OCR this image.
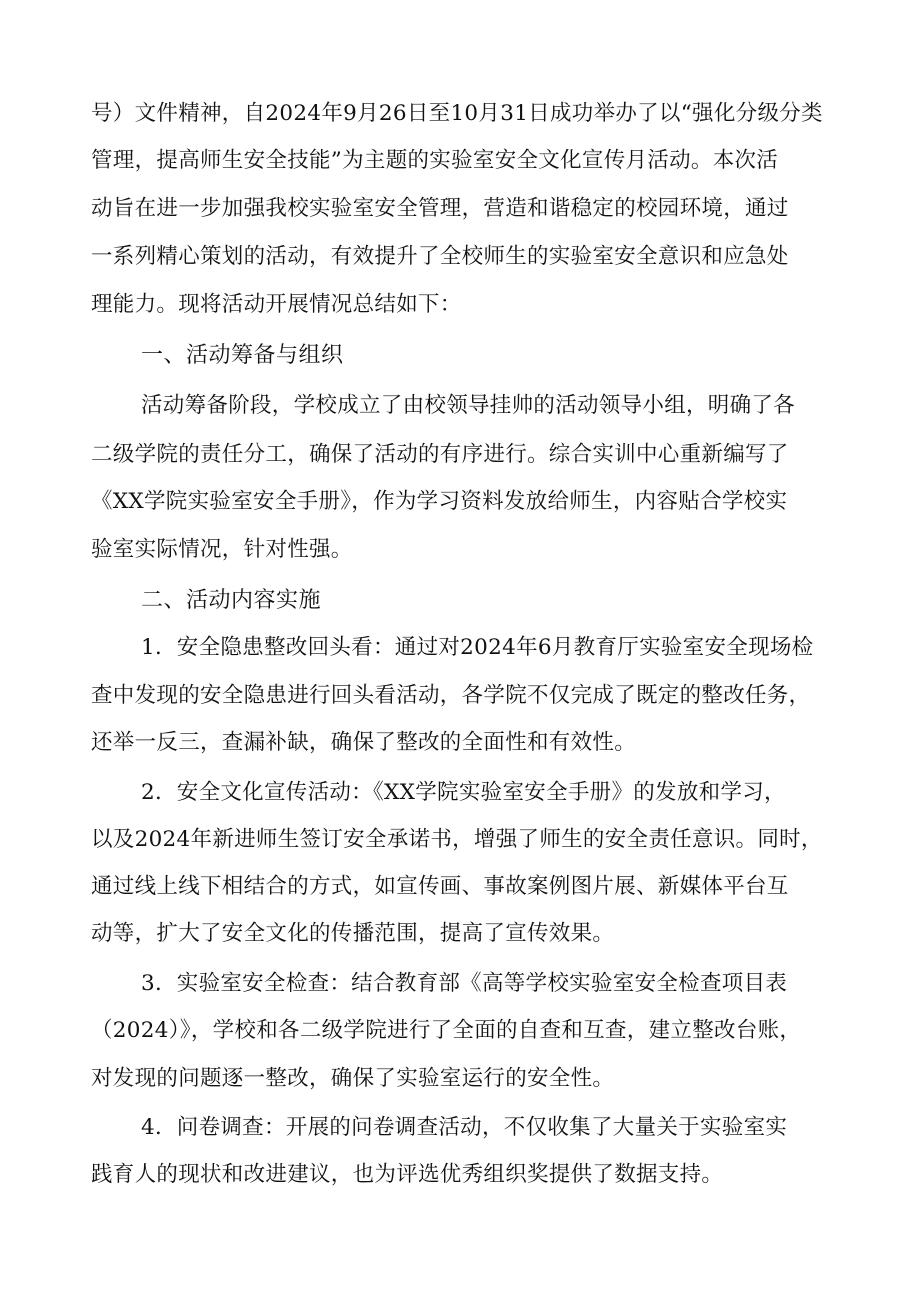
号）文件精神，自2024年9月26日至10月31日成功举办了以“强化分级分类
管理，提高师生安全技能”为主题的实验室安全文化宣传月活动。本次活
动旨在进一步加强我校实验室安全管理，营造和谐稳定的校园环境，通过
一系列精心策划的活动，有效提升了全校师生的实验室安全意识和应急处
理能力。现将活动开展情况总结如下：
一、活动筹备与组织
活动筹备阶段，学校成立了由校领导挂帅的活动领导小组，明确了各
二级学院的责任分工，确保了活动的有序进行。综合实训中心重新编写了
《XX学院实验室安全手册》，作为学习资料发放给师生，内容贴合学校实
验室实际情况，针对性强。
二、活动内容实施
1．安全隐患整改回头看：通过对2024年6月教育厅实验室安全现场检
查中发现的安全隐患进行回头看活动，各学院不仅完成了既定的整改任务，
还举一反三，查漏补缺，确保了整改的全面性和有效性。
2．安全文化宣传活动：《XX学院实验室安全手册》的发放和学习，
以及2024年新进师生签订安全承诺书，增强了师生的安全责任意识。同时，
通过线上线下相结合的方式，如宣传画、事故案例图片展、新媒体平台互
动等，扩大了安全文化的传播范围，提高了宣传效果。
3．实验室安全检查：结合教育部《高等学校实验室安全检查项目表
（2024）》，学校和各二级学院进行了全面的自查和互查，建立整改台账，
对发现的问题逐一整改，确保了实验室运行的安全性。
4．问卷调查：开展的问卷调查活动，不仅收集了大量关于实验室实
践育人的现状和改进建议，也为评选优秀组织奖提供了数据支持。
